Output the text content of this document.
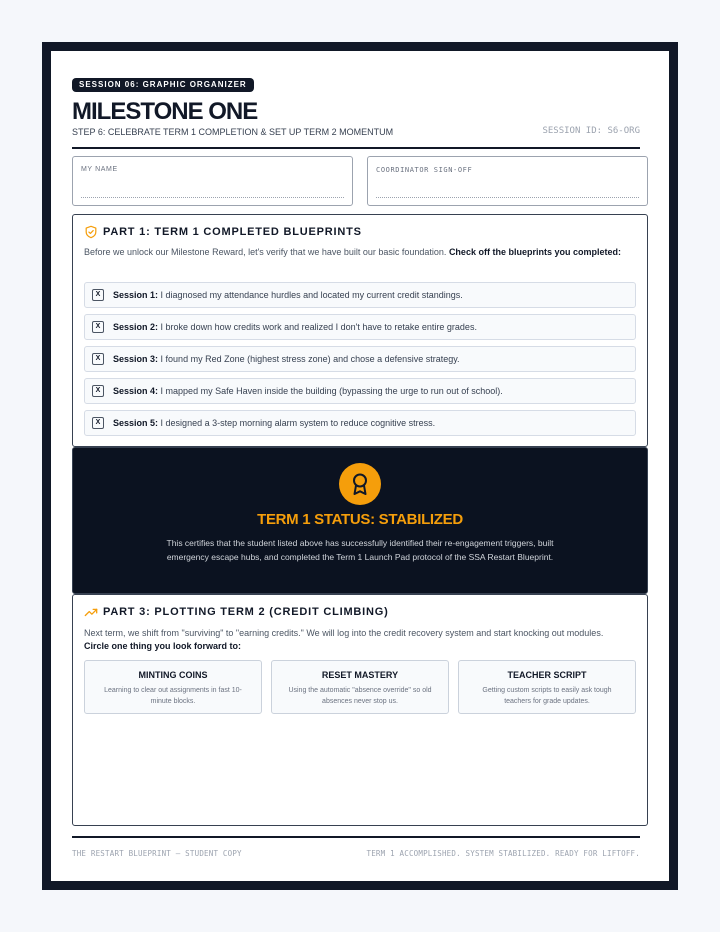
SESSION 06: GRAPHIC ORGANIZER
MILESTONE ONE
STEP 6: CELEBRATE TERM 1 COMPLETION & SET UP TERM 2 MOMENTUM	SESSION ID: S6-ORG
MY NAME	COORDINATOR SIGN-OFF
PART 1: TERM 1 COMPLETED BLUEPRINTS
Before we unlock our Milestone Reward, let's verify that we have built our basic foundation. Check off the blueprints you completed:
X	Session 1: I diagnosed my attendance hurdles and located my current credit standings.
X	Session 2: I broke down how credits work and realized I don't have to retake entire grades.
X	Session 3: I found my Red Zone (highest stress zone) and chose a defensive strategy.
X	Session 4: I mapped my Safe Haven inside the building (bypassing the urge to run out of school).
X	Session 5: I designed a 3-step morning alarm system to reduce cognitive stress.
TERM 1 STATUS: STABILIZED
This certifies that the student listed above has successfully identified their re-engagement triggers, built emergency escape hubs, and completed the Term 1 Launch Pad protocol of the SSA Restart Blueprint.
PART 3: PLOTTING TERM 2 (CREDIT CLIMBING)
Next term, we shift from "surviving" to "earning credits." We will log into the credit recovery system and start knocking out modules.
Circle one thing you look forward to:
MINTING COINS
Learning to clear out assignments in fast 10-minute blocks.
RESET MASTERY
Using the automatic "absence override" so old absences never stop us.
TEACHER SCRIPT
Getting custom scripts to easily ask tough teachers for grade updates.
THE RESTART BLUEPRINT — STUDENT COPY	TERM 1 ACCOMPLISHED. SYSTEM STABILIZED. READY FOR LIFTOFF.
